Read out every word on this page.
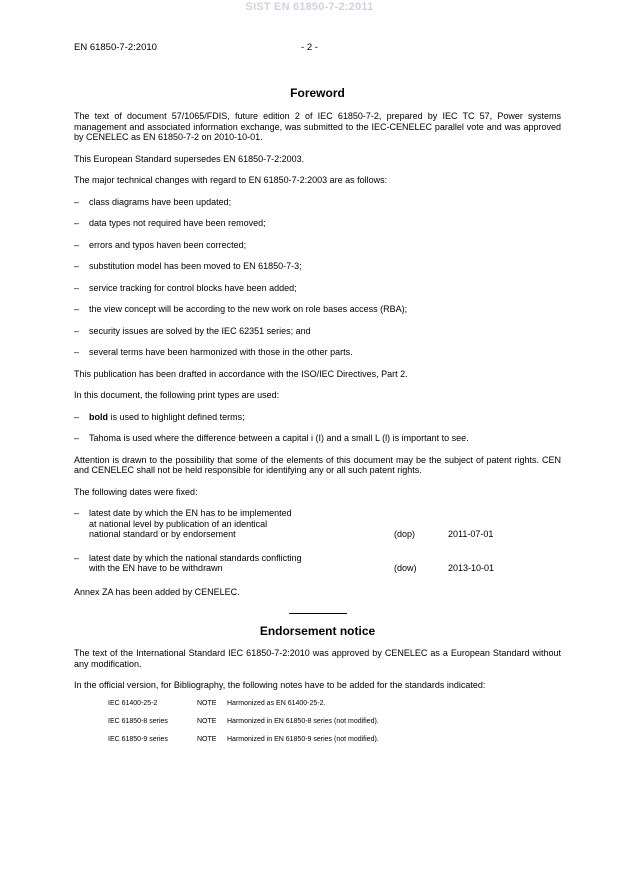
SIST EN 61850-7-2:2011
EN 61850-7-2:2010	- 2 -
Foreword

The text of document 57/1065/FDIS, future edition 2 of IEC 61850-7-2, prepared by IEC TC 57, Power systems management and associated information exchange, was submitted to the IEC-CENELEC parallel vote and was approved by CENELEC as EN 61850-7-2 on 2010-10-01.

This European Standard supersedes EN 61850-7-2:2003.

The major technical changes with regard to EN 61850-7-2:2003 are as follows:

–	class diagrams have been updated;
–	data types not required have been removed;
–	errors and typos haven been corrected;
–	substitution model has been moved to EN 61850-7-3;
–	service tracking for control blocks have been added;
–	the view concept will be according to the new work on role bases access (RBA);
–	security issues are solved by the IEC 62351 series; and
–	several terms have been harmonized with those in the other parts.

This publication has been drafted in accordance with the ISO/IEC Directives, Part 2.

In this document, the following print types are used:

–	bold is used to highlight defined terms;
–	Tahoma is used where the difference between a capital i (I) and a small L (l) is important to see.

Attention is drawn to the possibility that some of the elements of this document may be the subject of patent rights. CEN and CENELEC shall not be held responsible for identifying any or all such patent rights.

The following dates were fixed:

–	latest date by which the EN has to be implemented
at national level by publication of an identical
national standard or by endorsement	(dop)	2011-07-01
–	latest date by which the national standards conflicting
with the EN have to be withdrawn	(dow)	2013-10-01

Annex ZA has been added by CENELEC.

Endorsement notice

The text of the International Standard IEC 61850-7-2:2010 was approved by CENELEC as a European Standard without any modification.

In the official version, for Bibliography, the following notes have to be added for the standards indicated:

IEC 61400-25-2	NOTE	Harmonized as EN 61400-25-2.
IEC 61850-8 series	NOTE	Harmonized in EN 61850-8 series (not modified).
IEC 61850-9 series	NOTE	Harmonized in EN 61850-9 series (not modified).
